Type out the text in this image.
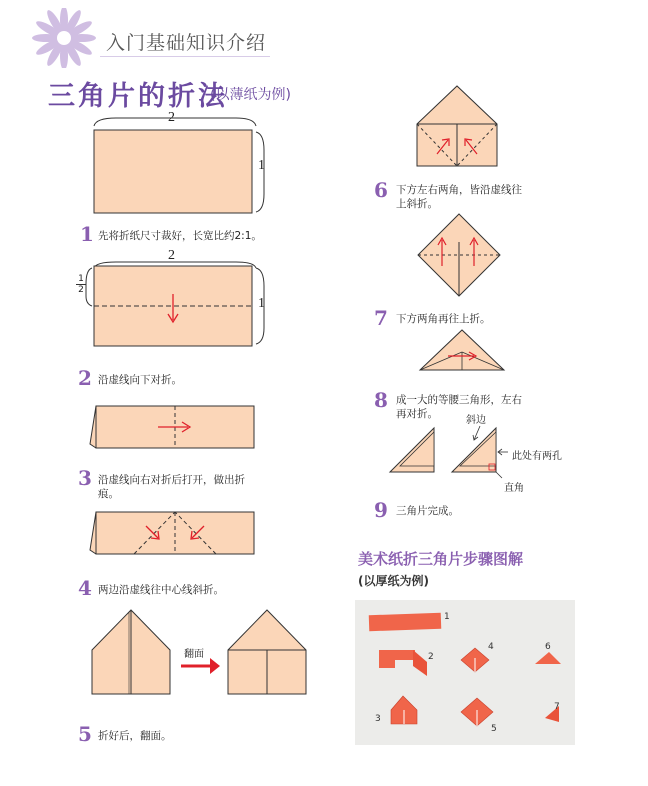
入门基础知识介绍
三角片的折法
(以薄纸为例)
2
1
1 先将折纸尺寸裁好，长宽比约2:1。
2
1
1
2
2 沿虚线向下对折。
3 沿虚线向右对折后打开，做出折
痕。
4 两边沿虚线往中心线斜折。
翻面
5 折好后，翻面。
6 下方左右两角，皆沿虚线往
上斜折。
7 下方两角再往上折。
8 成一大的等腰三角形，左右
再对折。
斜边
此处有两孔
直角
9 三角片完成。
美术纸折三角片步骤图解
(以厚纸为例)
1
2
3
4
5
6
7
